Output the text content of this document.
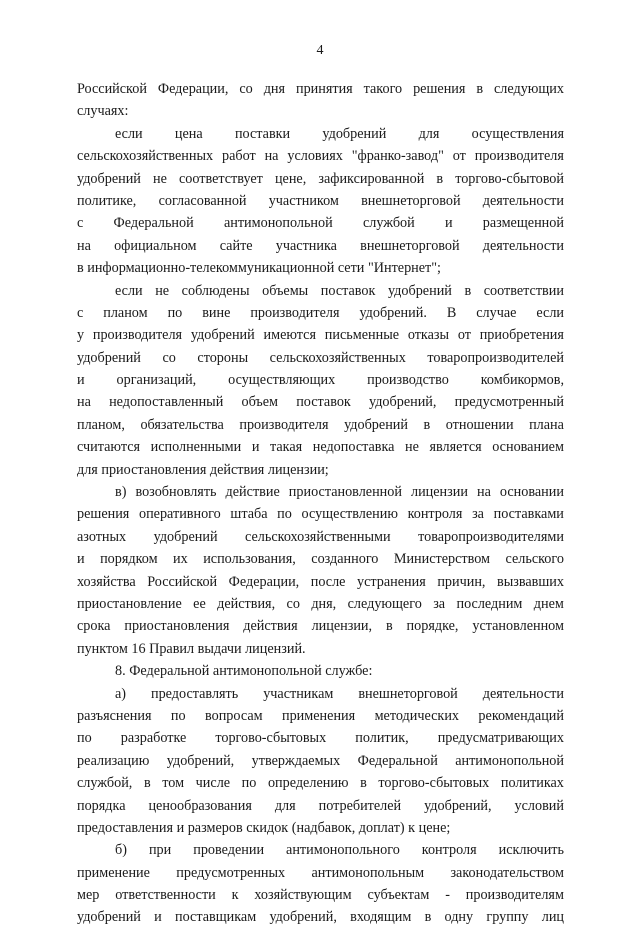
4
Российской Федерации, со дня принятия такого решения в следующих
случаях:
если цена поставки удобрений для осуществления
сельскохозяйственных работ на условиях "франко-завод" от производителя
удобрений не соответствует цене, зафиксированной в торгово-сбытовой
политике, согласованной участником внешнеторговой деятельности
с Федеральной антимонопольной службой и размещенной
на официальном сайте участника внешнеторговой деятельности
в информационно-телекоммуникационной сети "Интернет";
если не соблюдены объемы поставок удобрений в соответствии
с планом по вине производителя удобрений. В случае если
у производителя удобрений имеются письменные отказы от приобретения
удобрений со стороны сельскохозяйственных товаропроизводителей
и организаций, осуществляющих производство комбикормов,
на недопоставленный объем поставок удобрений, предусмотренный
планом, обязательства производителя удобрений в отношении плана
считаются исполненными и такая недопоставка не является основанием
для приостановления действия лицензии;
в) возобновлять действие приостановленной лицензии на основании
решения оперативного штаба по осуществлению контроля за поставками
азотных удобрений сельскохозяйственными товаропроизводителями
и порядком их использования, созданного Министерством сельского
хозяйства Российской Федерации, после устранения причин, вызвавших
приостановление ее действия, со дня, следующего за последним днем
срока приостановления действия лицензии, в порядке, установленном
пунктом 16 Правил выдачи лицензий.
8. Федеральной антимонопольной службе:
а) предоставлять участникам внешнеторговой деятельности
разъяснения по вопросам применения методических рекомендаций
по разработке торгово-сбытовых политик, предусматривающих
реализацию удобрений, утверждаемых Федеральной антимонопольной
службой, в том числе по определению в торгово-сбытовых политиках
порядка ценообразования для потребителей удобрений, условий
предоставления и размеров скидок (надбавок, доплат) к цене;
б) при проведении антимонопольного контроля исключить
применение предусмотренных антимонопольным законодательством
мер ответственности к хозяйствующим субъектам - производителям
удобрений и поставщикам удобрений, входящим в одну группу лиц
